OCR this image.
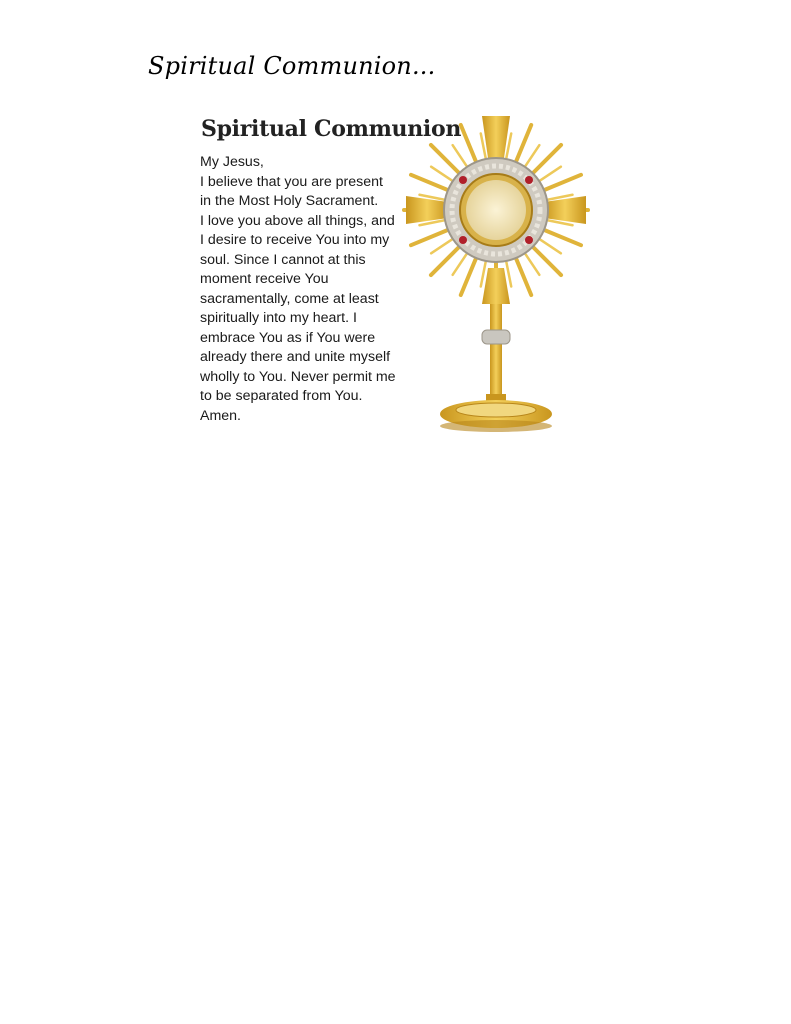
Spiritual Communion...
Spiritual Communion
My Jesus,
I believe that you are present
in the Most Holy Sacrament.
I love you above all things, and
I desire to receive You into my
soul. Since I cannot at this
moment receive You
sacramentally, come at least
spiritually into my heart. I
embrace You as if You were
already there and unite myself
wholly to You. Never permit me
to be separated from You.
Amen.
